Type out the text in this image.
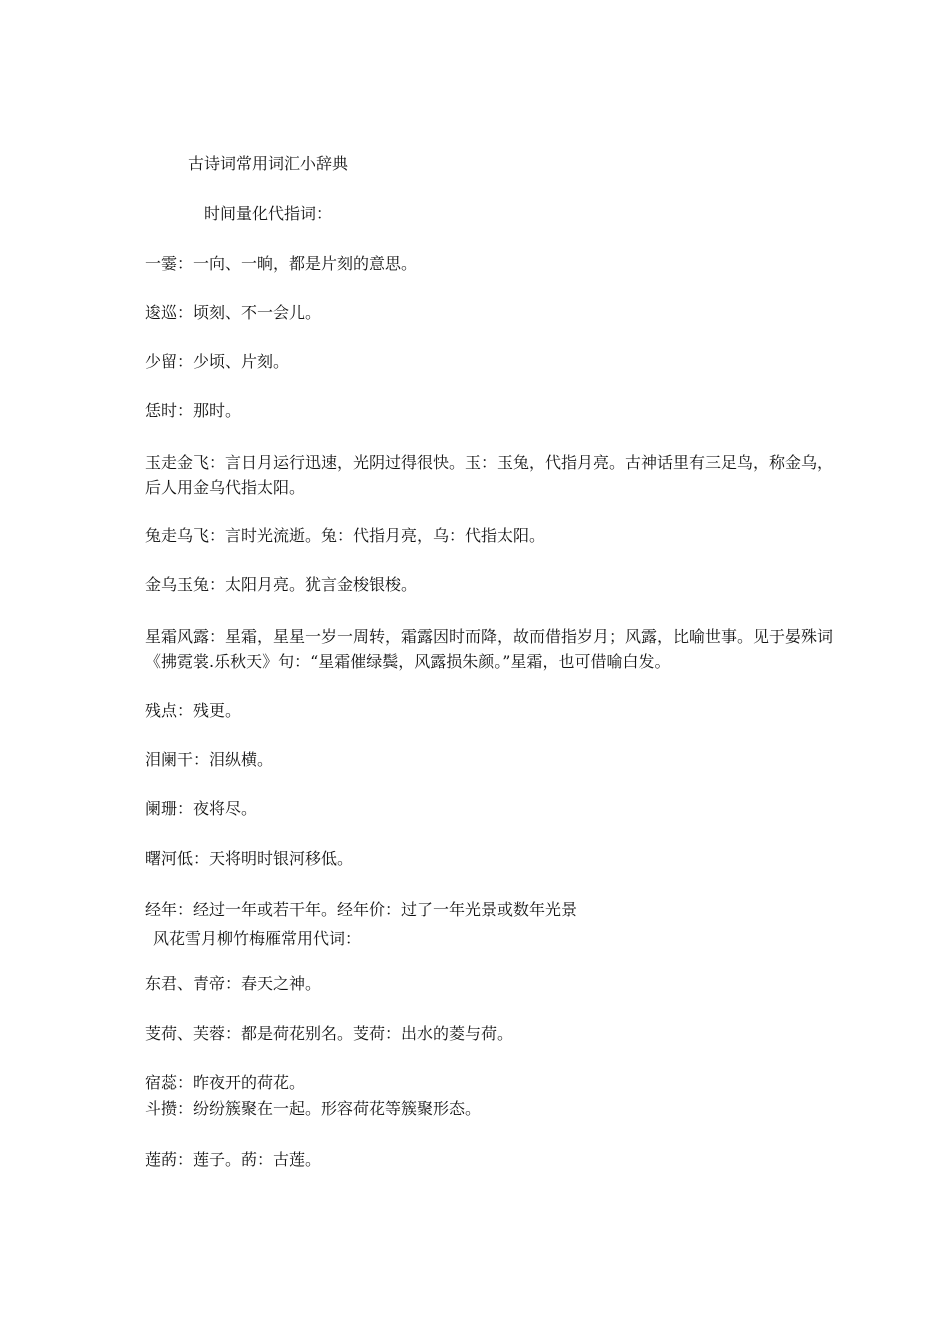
古诗词常用词汇小辞典
时间量化代指词：
一霎：一向、一晌，都是片刻的意思。
逡巡：顷刻、不一会儿。
少留：少顷、片刻。
恁时：那时。
玉走金飞：言日月运行迅速，光阴过得很快。玉：玉兔，代指月亮。古神话里有三足鸟，称金乌，后人用金乌代指太阳。
兔走乌飞：言时光流逝。兔：代指月亮，乌：代指太阳。
金乌玉兔：太阳月亮。犹言金梭银梭。
星霜风露：星霜，星星一岁一周转，霜露因时而降，故而借指岁月；风露，比喻世事。见于晏殊词《拂霓裳.乐秋天》句：“星霜催绿鬓，风露损朱颜。”星霜，也可借喻白发。
残点：残更。
泪阑干：泪纵横。
阑珊：夜将尽。
曙河低：天将明时银河移低。
经年：经过一年或若干年。经年价：过了一年光景或数年光景
风花雪月柳竹梅雁常用代词：
东君、青帝：春天之神。
芰荷、芙蓉：都是荷花别名。芰荷：出水的菱与荷。
宿蕊：昨夜开的荷花。
斗攒：纷纷簇聚在一起。形容荷花等簇聚形态。
莲菂：莲子。菂：古莲。
